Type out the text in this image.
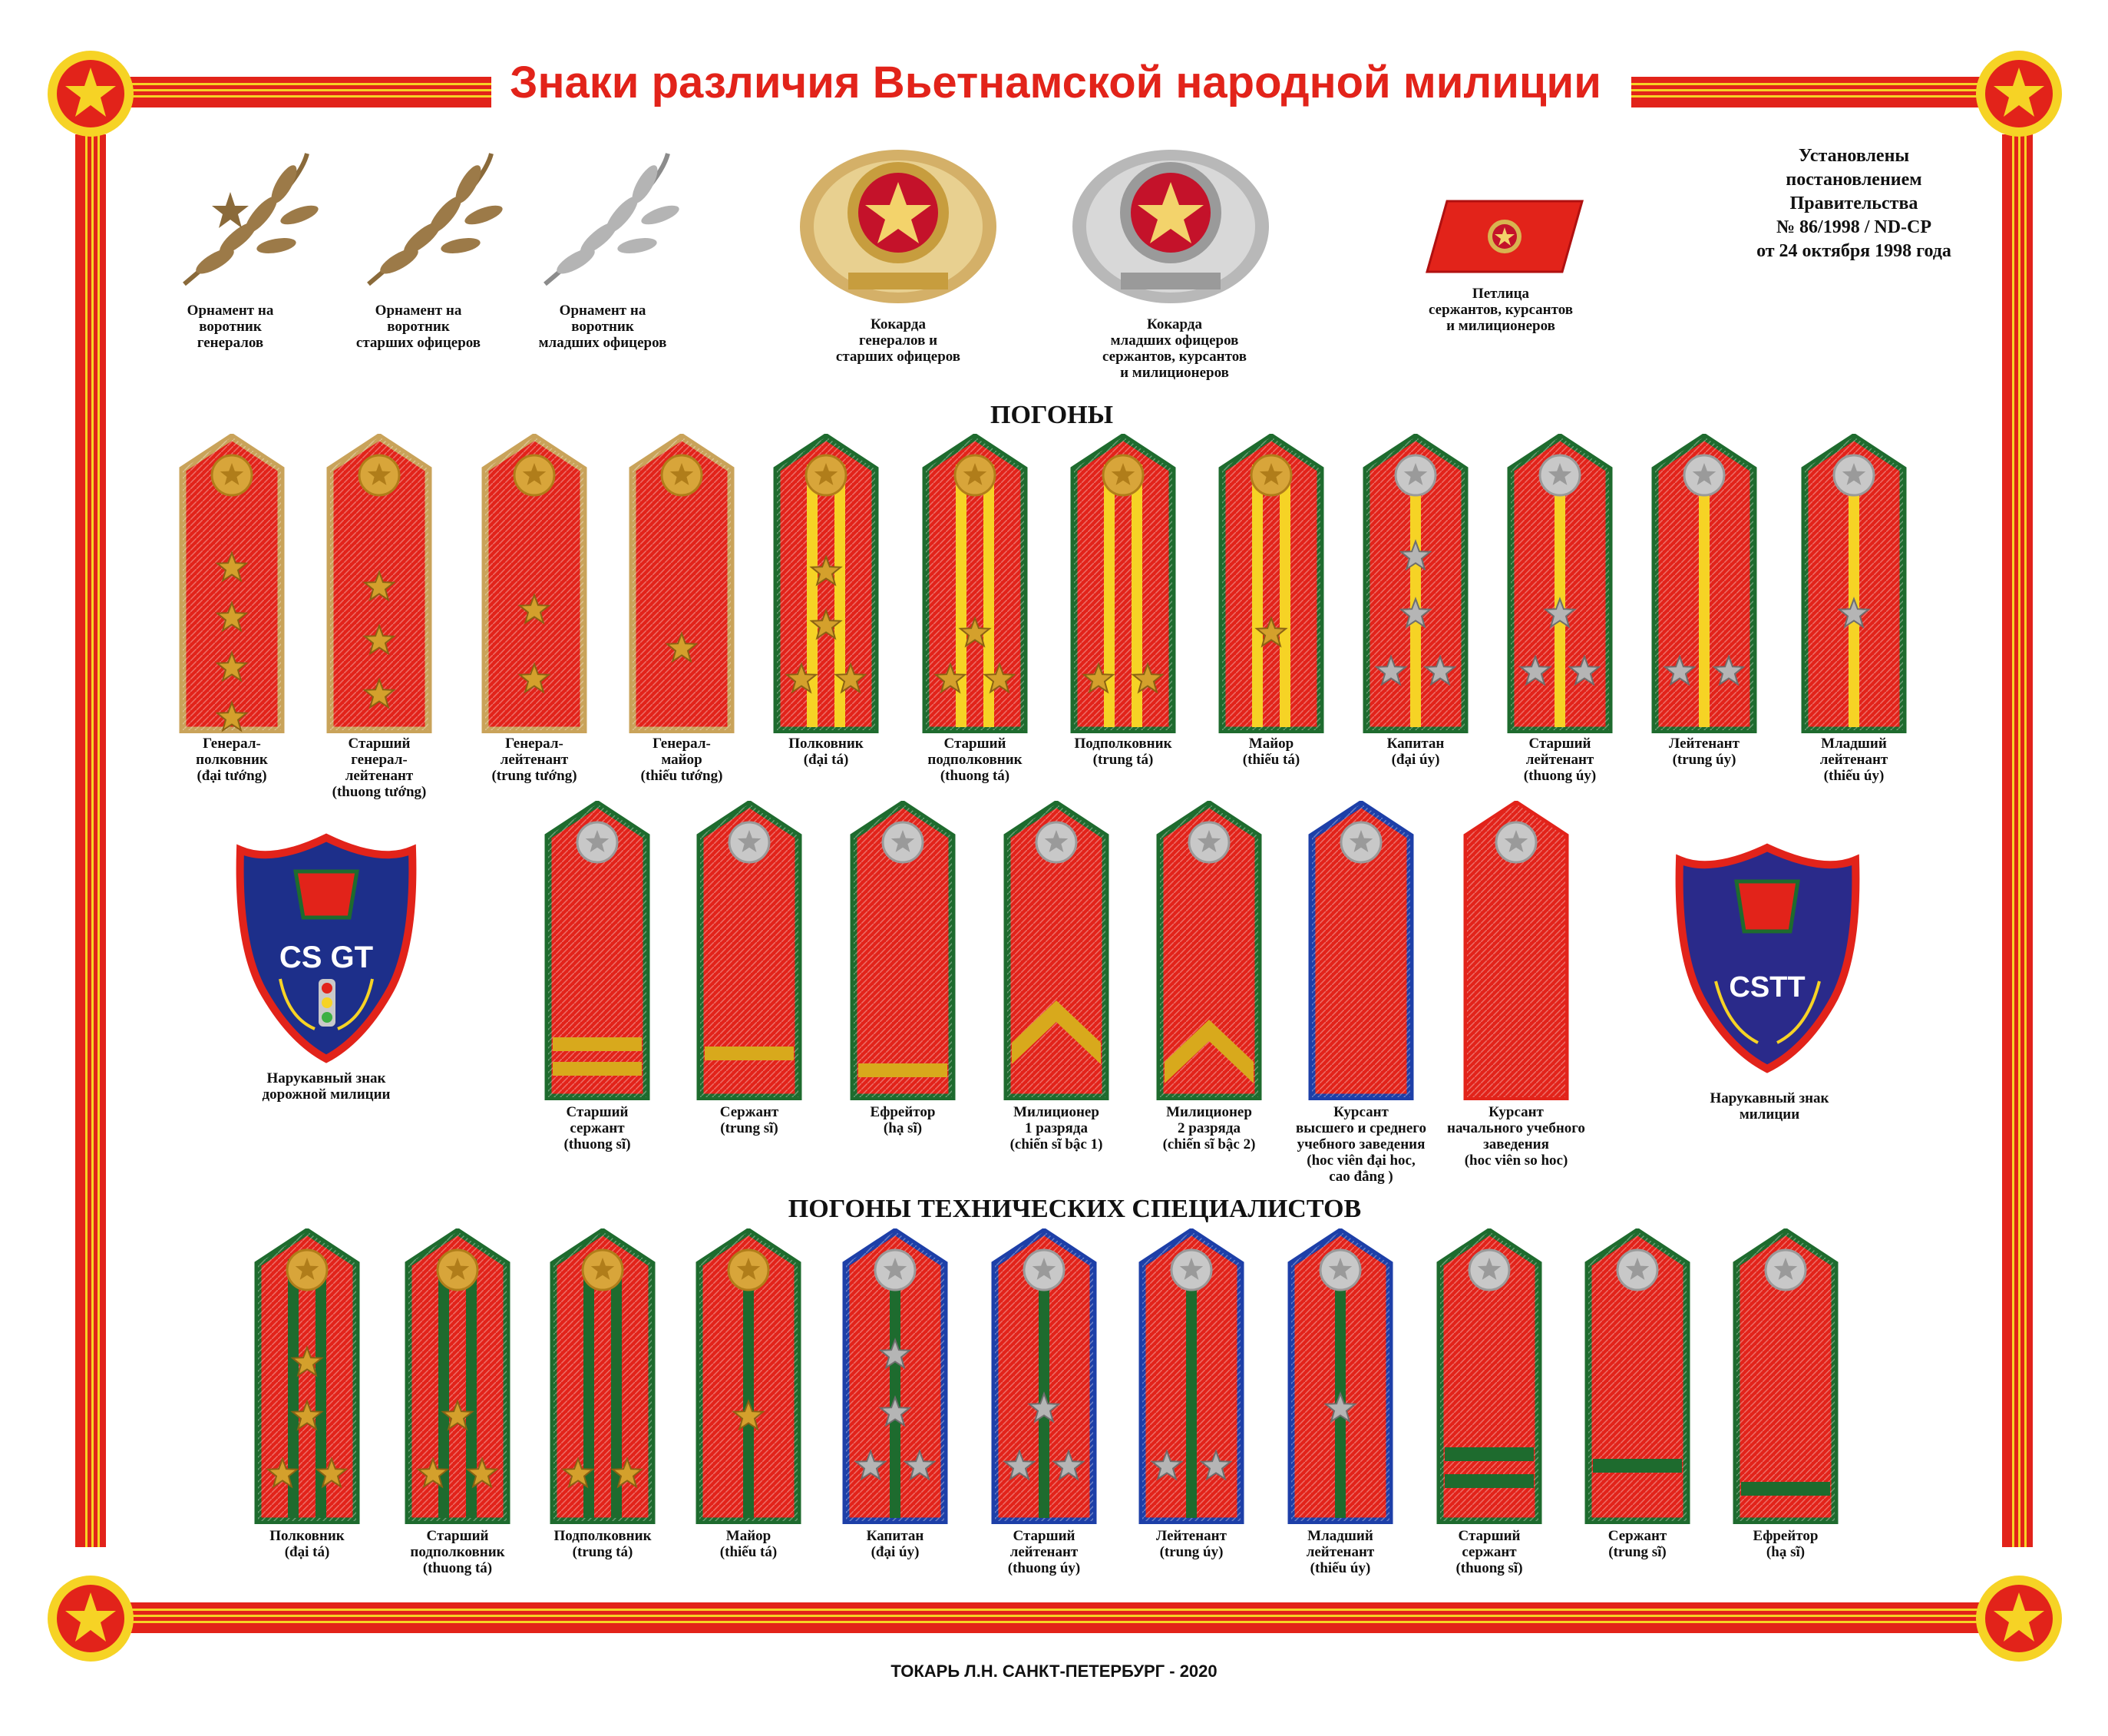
Знаки различия Вьетнамской народной милиции
Установлены
постановлением
Правительства
№ 86/1998 / ND-CP
от 24 октября 1998 года
Орнамент на
воротник
генералов
Орнамент на
воротник
старших офицеров
Орнамент на
воротник
младших офицеров
Кокарда
генералов и
старших офицеров
Кокарда
младших офицеров
сержантов, курсантов
и милиционеров
Петлица
сержантов, курсантов
и милиционеров
ПОГОНЫ
ПОГОНЫ ТЕХНИЧЕСКИХ СПЕЦИАЛИСТОВ
CS GT
Нарукавный знак
дорожной милиции
CSTT
Нарукавный знак
милиции
ТОКАРЬ Л.Н. САНКТ-ПЕТЕРБУРГ - 2020
Генерал-
полковник
(đại tướng)
Старший
генерал-
лейтенант
(thuong tướng)
Генерал-
лейтенант
(trung tướng)
Генерал-
майор
(thiếu tướng)
Полковник
(đại tá)
Старший
подполковник
(thuong tá)
Подполковник
(trung tá)
Майор
(thiếu tá)
Капитан
(đại úy)
Старший
лейтенант
(thuong úy)
Лейтенант
(trung úy)
Младший
лейтенант
(thiếu úy)
Старший
сержант
(thuong sĩ)
Сержант
(trung sĩ)
Ефрейтор
(hạ sĩ)
Милиционер
1 разряда
(chiến sĩ bậc 1)
Милиционер
2 разряда
(chiến sĩ bậc 2)
Курсант
высшего и среднего
учебного заведения
(hoc viên đại hoc,
cao đẳng )
Курсант
начального учебного
заведения
(hoc viên so hoc)
Полковник
(đại tá)
Старший
подполковник
(thuong tá)
Подполковник
(trung tá)
Майор
(thiếu tá)
Капитан
(đại úy)
Старший
лейтенант
(thuong úy)
Лейтенант
(trung úy)
Младший
лейтенант
(thiếu úy)
Старший
сержант
(thuong sĩ)
Сержант
(trung sĩ)
Ефрейтор
(hạ sĩ)
